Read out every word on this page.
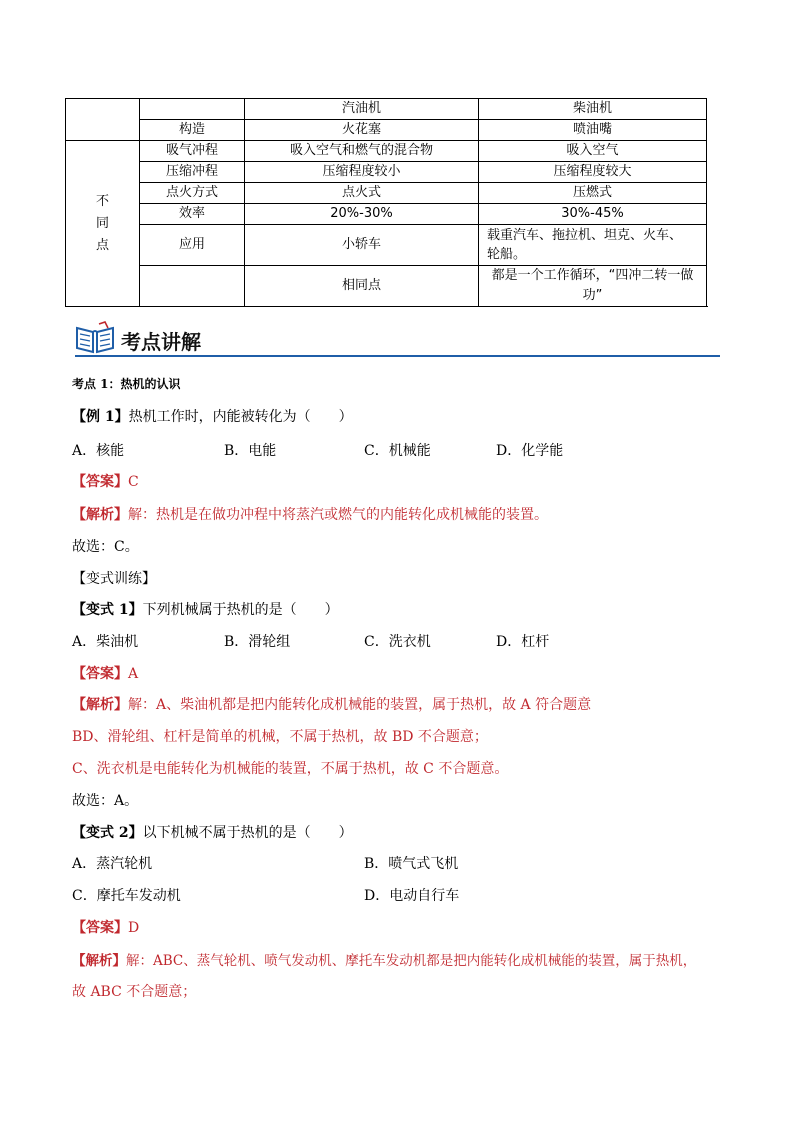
		汽油机	柴油机
	构造	火花塞	喷油嘴

不
同
点	吸气冲程	吸入空气和燃气的混合物	吸入空气
	压缩冲程	压缩程度较小	压缩程度较大
	点火方式	点火式	压燃式
	效率	20%-30%	30%-45%
	应用	小轿车	载重汽车、拖拉机、坦克、火车、
轮船。

		相同点	都是一个工作循环，“四冲二转一做功”
考点讲解
考点 1：热机的认识
【例 1】热机工作时，内能被转化为（　　）
A．核能	B．电能	C．机械能	D．化学能
【答案】C
【解析】解：热机是在做功冲程中将蒸汽或燃气的内能转化成机械能的装置。
故选：C。
【变式训练】
【变式 1】下列机械属于热机的是（　　）
A．柴油机	B．滑轮组	C．洗衣机	D．杠杆
【答案】A
【解析】解：A、柴油机都是把内能转化成机械能的装置，属于热机，故 A 符合题意
BD、滑轮组、杠杆是简单的机械，不属于热机，故 BD 不合题意；
C、洗衣机是电能转化为机械能的装置，不属于热机，故 C 不合题意。
故选：A。
【变式 2】以下机械不属于热机的是（　　）
A．蒸汽轮机	B．喷气式飞机
C．摩托车发动机	D．电动自行车
【答案】D
【解析】解：ABC、蒸气轮机、喷气发动机、摩托车发动机都是把内能转化成机械能的装置，属于热机，
故 ABC 不合题意；
